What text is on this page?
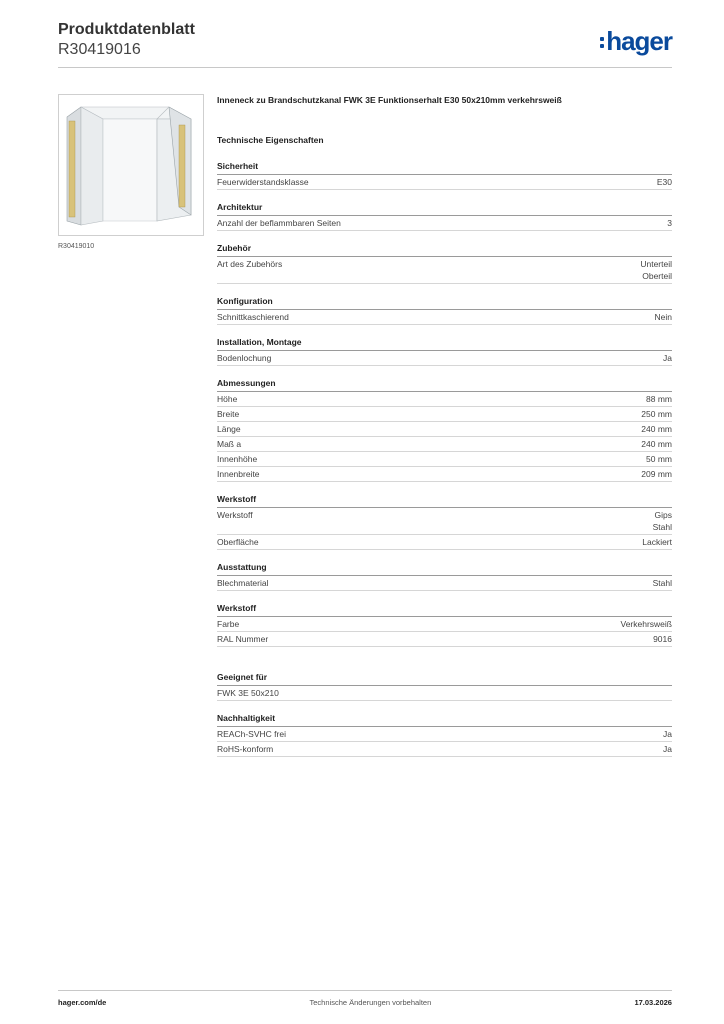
Produktdatenblatt
R30419016	hager
R30419010
Inneneck zu Brandschutzkanal FWK 3E Funktionserhalt E30 50x210mm verkehrsweiß
Technische Eigenschaften
Sicherheit
Feuerwiderstandsklasse	E30
Architektur
Anzahl der beflammbaren Seiten	3
Zubehör
Art des Zubehörs	Unterteil
Oberteil
Konfiguration
Schnittkaschierend	Nein
Installation, Montage
Bodenlochung	Ja
Abmessungen
Höhe	88 mm
Breite	250 mm
Länge	240 mm
Maß a	240 mm
Innenhöhe	50 mm
Innenbreite	209 mm
Werkstoff
Werkstoff	Gips
Stahl
Oberfläche	Lackiert
Ausstattung
Blechmaterial	Stahl
Werkstoff
Farbe	Verkehrsweiß
RAL Nummer	9016
Geeignet für
FWK 3E 50x210
Nachhaltigkeit
REACh-SVHC frei	Ja
RoHS-konform	Ja
hager.com/de	Technische Änderungen vorbehalten	17.03.2026
